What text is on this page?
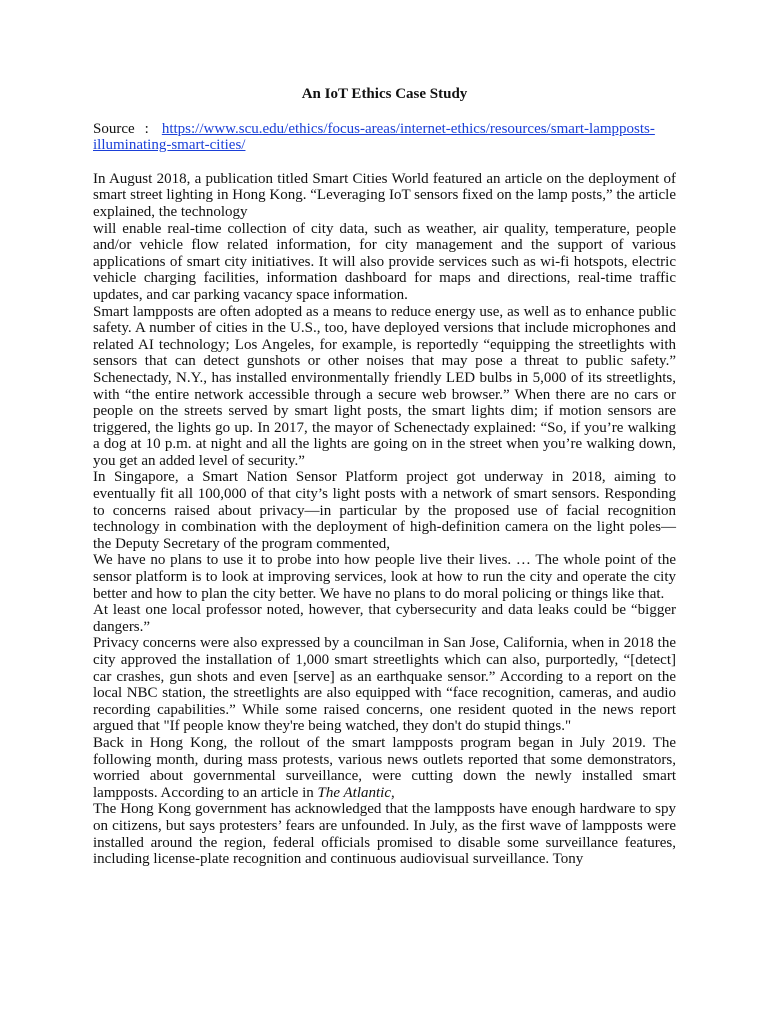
An IoT Ethics Case Study
Source : https://www.scu.edu/ethics/focus-areas/internet-ethics/resources/smart-lampposts-illuminating-smart-cities/

In August 2018, a publication titled Smart Cities World featured an article on the deployment of smart street lighting in Hong Kong. “Leveraging IoT sensors fixed on the lamp posts,” the article explained, the technology

will enable real-time collection of city data, such as weather, air quality, temperature, people and/or vehicle flow related information, for city management and the support of various applications of smart city initiatives. It will also provide services such as wi-fi hotspots, electric vehicle charging facilities, information dashboard for maps and directions, real-time traffic updates, and car parking vacancy space information.

Smart lampposts are often adopted as a means to reduce energy use, as well as to enhance public safety. A number of cities in the U.S., too, have deployed versions that include microphones and related AI technology; Los Angeles, for example, is reportedly “equipping the streetlights with sensors that can detect gunshots or other noises that may pose a threat to public safety.” Schenectady, N.Y., has installed environmentally friendly LED bulbs in 5,000 of its streetlights, with “the entire network accessible through a secure web browser.” When there are no cars or people on the streets served by smart light posts, the smart lights dim; if motion sensors are triggered, the lights go up. In 2017, the mayor of Schenectady explained: “So, if you’re walking a dog at 10 p.m. at night and all the lights are going on in the street when you’re walking down, you get an added level of security.”

In Singapore, a Smart Nation Sensor Platform project got underway in 2018, aiming to eventually fit all 100,000 of that city’s light posts with a network of smart sensors. Responding to concerns raised about privacy—in particular by the proposed use of facial recognition technology in combination with the deployment of high-definition camera on the light poles—the Deputy Secretary of the program commented,

We have no plans to use it to probe into how people live their lives. … The whole point of the sensor platform is to look at improving services, look at how to run the city and operate the city better and how to plan the city better. We have no plans to do moral policing or things like that.

At least one local professor noted, however, that cybersecurity and data leaks could be “bigger dangers.”

Privacy concerns were also expressed by a councilman in San Jose, California, when in 2018 the city approved the installation of 1,000 smart streetlights which can also, purportedly, “[detect] car crashes, gun shots and even [serve] as an earthquake sensor.” According to a report on the local NBC station, the streetlights are also equipped with “face recognition, cameras, and audio recording capabilities.” While some raised concerns, one resident quoted in the news report argued that "If people know they're being watched, they don't do stupid things."

Back in Hong Kong, the rollout of the smart lampposts program began in July 2019. The following month, during mass protests, various news outlets reported that some demonstrators, worried about governmental surveillance, were cutting down the newly installed smart lampposts. According to an article in The Atlantic,

The Hong Kong government has acknowledged that the lampposts have enough hardware to spy on citizens, but says protesters’ fears are unfounded. In July, as the first wave of lampposts were installed around the region, federal officials promised to disable some surveillance features, including license-plate recognition and continuous audiovisual surveillance. Tony
